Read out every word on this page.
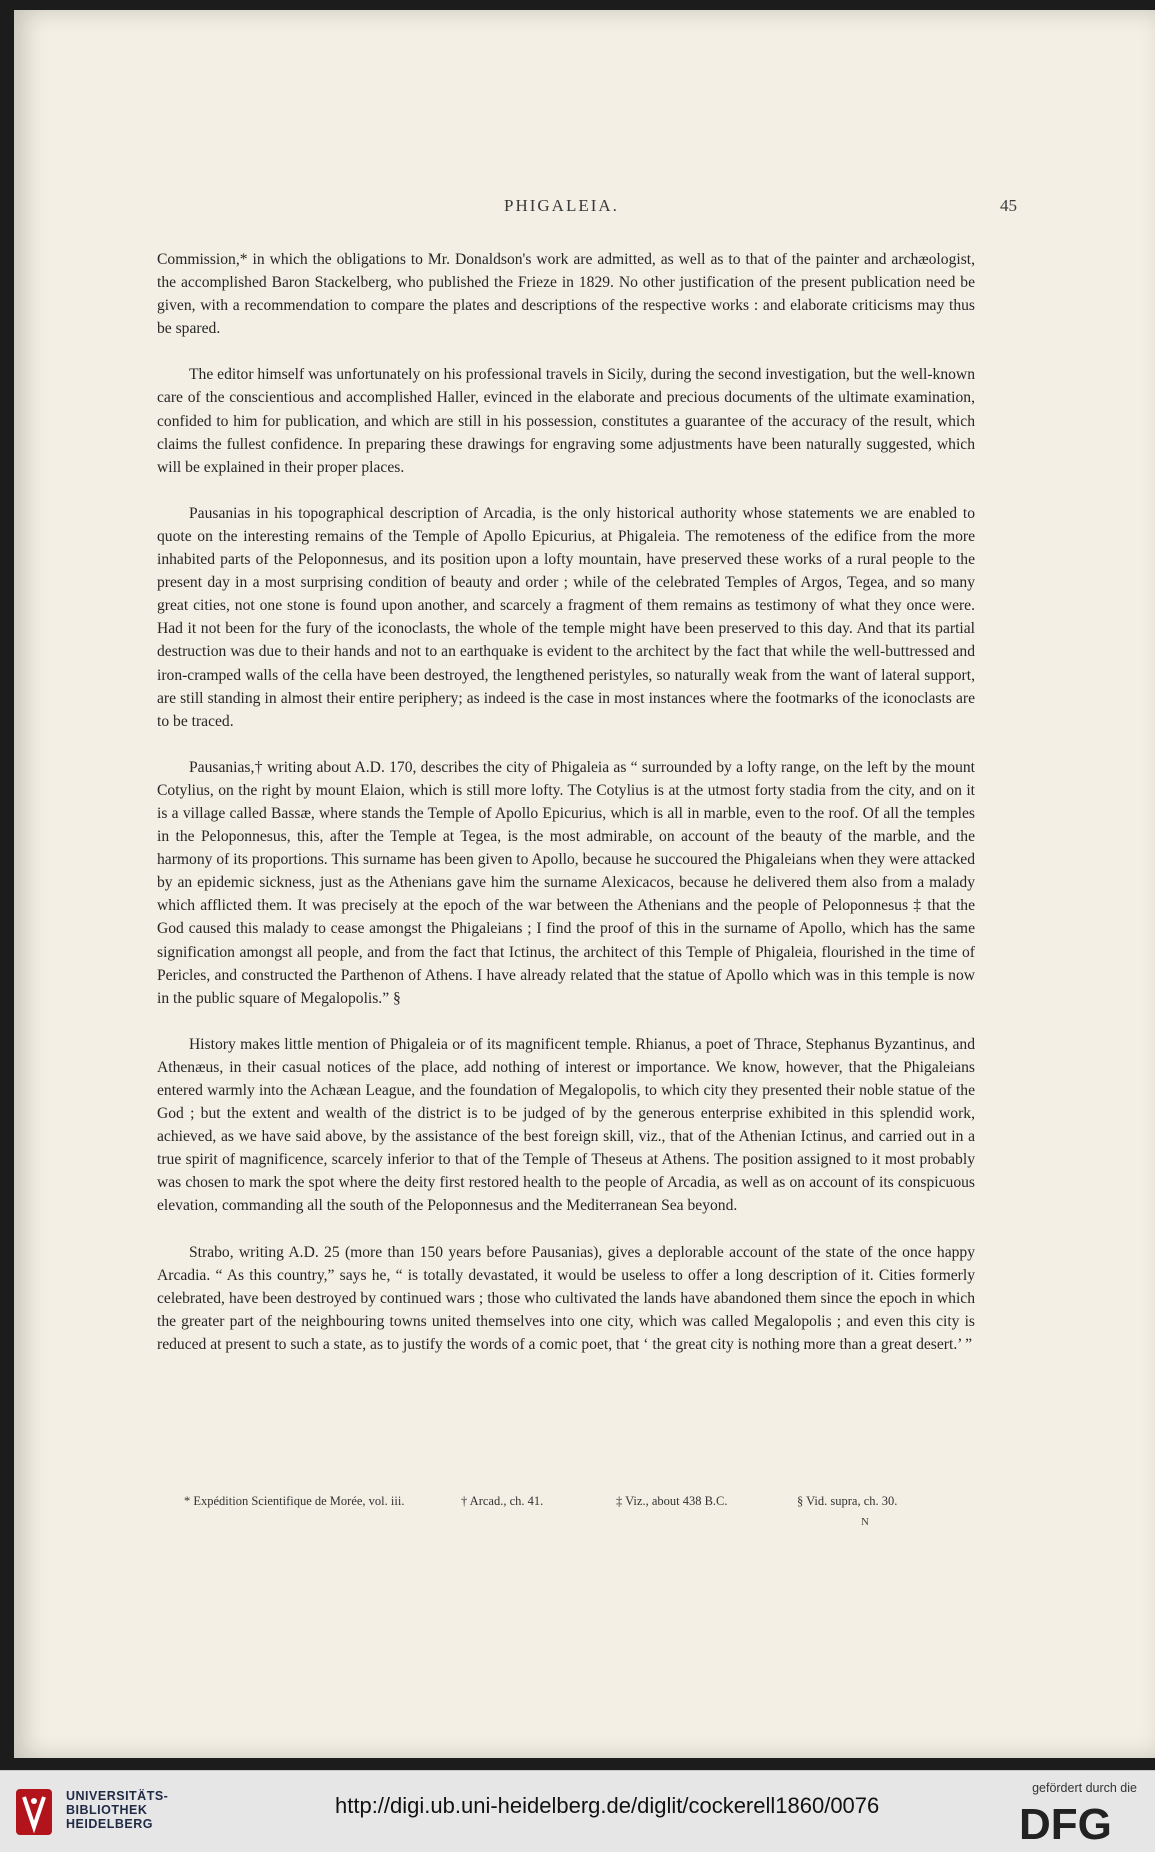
PHIGALEIA.	45

Commission,* in which the obligations to Mr. Donaldson's work are admitted, as well as to that of the painter and archæologist, the accomplished Baron Stackelberg, who published the Frieze in 1829. No other justification of the present publication need be given, with a recommendation to compare the plates and descriptions of the respective works : and elaborate criticisms may thus be spared.

The editor himself was unfortunately on his professional travels in Sicily, during the second investigation, but the well-known care of the conscientious and accomplished Haller, evinced in the elaborate and precious documents of the ultimate examination, confided to him for publication, and which are still in his possession, constitutes a guarantee of the accuracy of the result, which claims the fullest confidence. In preparing these drawings for engraving some adjustments have been naturally suggested, which will be explained in their proper places.

Pausanias in his topographical description of Arcadia, is the only historical authority whose statements we are enabled to quote on the interesting remains of the Temple of Apollo Epicurius, at Phigaleia. The remoteness of the edifice from the more inhabited parts of the Peloponnesus, and its position upon a lofty mountain, have preserved these works of a rural people to the present day in a most surprising condition of beauty and order ; while of the celebrated Temples of Argos, Tegea, and so many great cities, not one stone is found upon another, and scarcely a fragment of them remains as testimony of what they once were. Had it not been for the fury of the iconoclasts, the whole of the temple might have been preserved to this day. And that its partial destruction was due to their hands and not to an earthquake is evident to the architect by the fact that while the well-buttressed and iron-cramped walls of the cella have been destroyed, the lengthened peristyles, so naturally weak from the want of lateral support, are still standing in almost their entire periphery; as indeed is the case in most instances where the footmarks of the iconoclasts are to be traced.

Pausanias,† writing about A.D. 170, describes the city of Phigaleia as “ surrounded by a lofty range, on the left by the mount Cotylius, on the right by mount Elaion, which is still more lofty. The Cotylius is at the utmost forty stadia from the city, and on it is a village called Bassæ, where stands the Temple of Apollo Epicurius, which is all in marble, even to the roof. Of all the temples in the Peloponnesus, this, after the Temple at Tegea, is the most admirable, on account of the beauty of the marble, and the harmony of its proportions. This surname has been given to Apollo, because he succoured the Phigaleians when they were attacked by an epidemic sickness, just as the Athenians gave him the surname Alexicacos, because he delivered them also from a malady which afflicted them. It was precisely at the epoch of the war between the Athenians and the people of Peloponnesus ‡ that the God caused this malady to cease amongst the Phigaleians ; I find the proof of this in the surname of Apollo, which has the same signification amongst all people, and from the fact that Ictinus, the architect of this Temple of Phigaleia, flourished in the time of Pericles, and constructed the Parthenon of Athens. I have already related that the statue of Apollo which was in this temple is now in the public square of Megalopolis.” §

History makes little mention of Phigaleia or of its magnificent temple. Rhianus, a poet of Thrace, Stephanus Byzantinus, and Athenæus, in their casual notices of the place, add nothing of interest or importance. We know, however, that the Phigaleians entered warmly into the Achæan League, and the foundation of Megalopolis, to which city they presented their noble statue of the God ; but the extent and wealth of the district is to be judged of by the generous enterprise exhibited in this splendid work, achieved, as we have said above, by the assistance of the best foreign skill, viz., that of the Athenian Ictinus, and carried out in a true spirit of magnificence, scarcely inferior to that of the Temple of Theseus at Athens. The position assigned to it most probably was chosen to mark the spot where the deity first restored health to the people of Arcadia, as well as on account of its conspicuous elevation, commanding all the south of the Peloponnesus and the Mediterranean Sea beyond.

Strabo, writing A.D. 25 (more than 150 years before Pausanias), gives a deplorable account of the state of the once happy Arcadia. “ As this country,” says he, “ is totally devastated, it would be useless to offer a long description of it. Cities formerly celebrated, have been destroyed by continued wars ; those who cultivated the lands have abandoned them since the epoch in which the greater part of the neighbouring towns united themselves into one city, which was called Megalopolis ; and even this city is reduced at present to such a state, as to justify the words of a comic poet, that ‘ the great city is nothing more than a great desert.’ ”

* Expédition Scientifique de Morée, vol. iii.	† Arcad., ch. 41.	‡ Viz., about 438 B.C.	§ Vid. supra, ch. 30.
N
UNIVERSITÄTS-
BIBLIOTHEK
HEIDELBERG
http://digi.ub.uni-heidelberg.de/diglit/cockerell1860/0076
gefördert durch die
DFG
